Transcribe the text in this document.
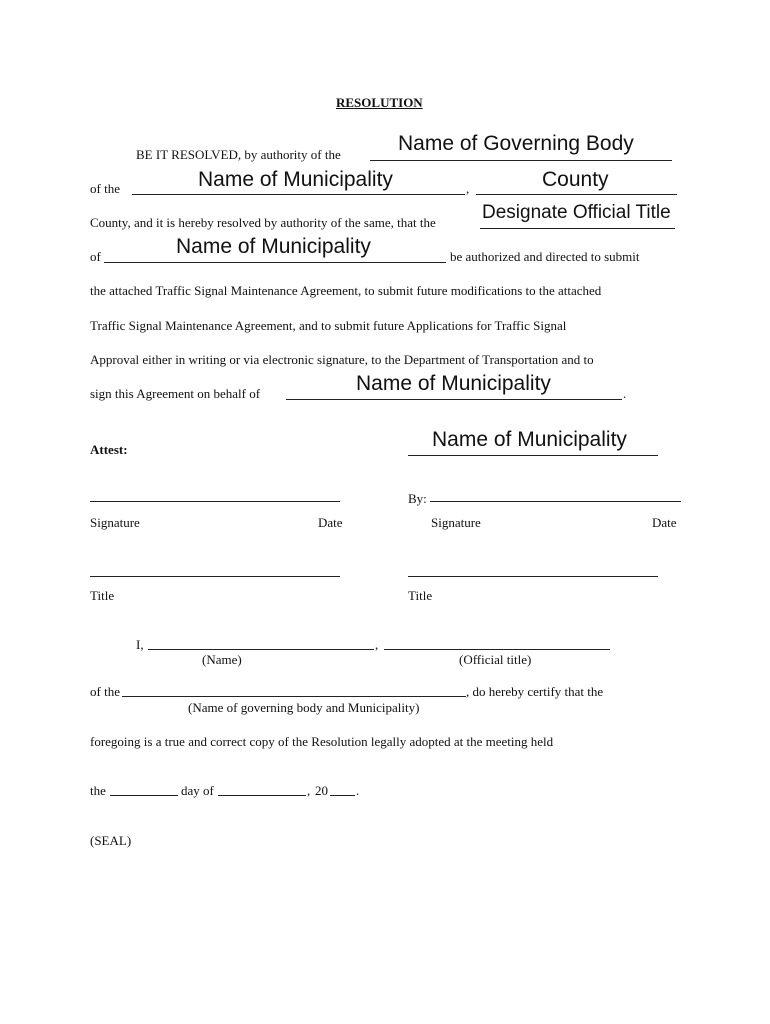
RESOLUTION
BE IT RESOLVED, by authority of the	Name of Governing Body
of the	Name of Municipality	,	County
County, and it is hereby resolved by authority of the same, that the Designate Official Title
of	Name of Municipality	be authorized and directed to submit
the attached Traffic Signal Maintenance Agreement, to submit future modifications to the attached
Traffic Signal Maintenance Agreement, and to submit future Applications for Traffic Signal
Approval either in writing or via electronic signature, to the Department of Transportation and to
sign this Agreement on behalf of	Name of Municipality	.
Attest:	Name of Municipality
By:
Signature	Date	Signature	Date
Title	Title
I,	,
(Name)	(Official title)
of the	, do hereby certify that the
(Name of governing body and Municipality)
foregoing is a true and correct copy of the Resolution legally adopted at the meeting held
the	day of	, 20 .
(SEAL)
